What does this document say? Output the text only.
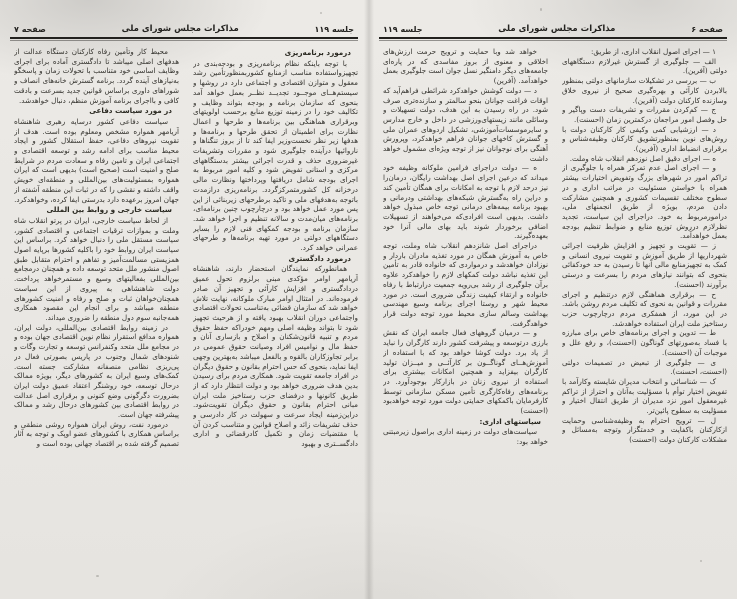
جلسه ۱۱۹
مذاکرات مجلس شورای ملی
صفحه ۷

درمورد برنامه‌ریزی

با توجه باینکه نظام برنامه‌ریزی و بودجه‌بندی در تجهیزواستفاده مناسب ازمنابع کشوربمنظورتأمین رشد معقول و متوازن اقتصادی و اجتماعی دارد در روشها و سیستم‌هــای موجــود تجدیــد نظــر بعمل خواهد آمد بنحوی که سازمان برنامه و بودجه بتواند وظایف و تکالیف خود را در زمینه توزیع منابع برحسب اولویتهای وبرقراری هماهنگی بین برنامه‌ها و طرحها و اعمال نظارت برای اطمینان از تحقق طرحها و برنامه‌ها و هدفها زیر نظر نخست‌وزیر ایفا کند تا از بروز تنگناها و ناروائیها درآینده جلوگیری شود و مقررات وتشریفات غیرضروری حذف و قدرت اجرائی بیشتر بدستگاههای مرکزی و استانی تفویض شود و کلیه امور مربوط به اجرای بودجه شامل دریافتها وپرداختها ونظارت مالی درخزانه کل کشورمتمرکزگردد. برنامه‌ریزی درازمدت باتوجه به‌هدفهای ملی و تاکید برطرحهای زیربنائی از این پس مورد عمل خواهد بود و درچارچوب چنین برنامه‌ای، برنامه‌های میان‌مدت و سالانه تنظیم و اجرا خواهد شد. سازمان برنامه و بودجه کمکهای فنی لازم را بسایر دستگاههای دولتی در مورد تهیه برنامه‌ها و طرحهای عمرانی خواهد کرد.

درمورد دادگستری

همانطورکه نمایندگان استحضار دارند، شاهنشاه آریامهر اوامر مؤکدی مبنی برلزوم تحول عمیق دردادگستری و افزایش کارآئی و تجهیز آن صادر فرموده‌اند. در امتثال اوامر مبارک ملوکانه، نهایت تلاش خواهد شد که سازمان قضائی به‌تناسب تحولات اقتصادی واجتماعی دوران انقلاب بهبود یافته و از هرحیث تجهیز شود تا بتواند وظیفه اصلی ومهم خودراکه حفظ حقوق مردم و تنبیه قانون‌شکنان و اصلاح و بازساری آنان و حفظ مال و نوامیس افراد وصیانت حقوق عمومی در برابر تجاوزکاران بالقوه و بالفعل میباشد به‌بهترین وجهی ایفا نماید، بنحوی که حس احترام بقانون و حقوق دیگران در افراد جامعه تقویت شود. همکاری مردم برای رسیدن بدین هدف ضروری خواهد بود و دولت انتظار دارد که از طریق کانونها و درفضای حزب رستاخیز ملت ایران مبانی احترام بقانون و حقوق دیگران تقویت‌شود. دراین‌زمینه ایجاد سرعت و سهولت در کار دادرسی و حذف تشریفات زائد و اصلاح قوانین و متناسب کردن آن با مقتضیات زمان و تکمیل کادرقضائی و اداری دادگســتری و بهبود

محیط کار وتأمین رفاه کارکنان دستگاه عدالت از هدفهای اصلی میباشد تا دادگستری آماده برای اجرای وظایف اساسی خود متناسب با تحولات زمان و پاسخگو به‌نیازهای آینده گردد. برنامه گسترش خانه‌های انصاف و شوراهای داوری براساس قوانین جدید بسرعت و بادقت کافی و بااجرای برنامه آموزش منظم، دنبال خواهدشد.

در مورد سیاست دفاعی

سیاست دفاعی کشور درسایه رهبری شاهنشاه آریامهر همواره مشخص ومعلوم بوده است. هدف از تقویت نیروهای دفاعی، حفظ استقلال کشور و ایجاد محیط مناسب برای ادامه رشد و توسعه اقتصادی و اجتماعی ایران و تامین رفاه و سعادت مردم در شرایط صلح و امنیت است (صحیح است) بدیهی است که ایران همواره بمسئولیت‌های بین‌المللی و منطقه‌ای خویش واقف داشته و نقشی را که در ثبات این منطقه آشفته از جهان امروز برعهده دارد بدرستی ایفا کرده، وخواهدکرد.

سیاست خارجی و روابط بین المللی

از لحاظ سیاست خارجی، ایران در پرتو انقلاب شاه وملت و بموازات ترقیات اجتماعی و اقتصادی کشور، سیاست مستقل ملی را دنبال خواهد کرد. براساس این سیاست ایران روابط خود را باکلیه کشورها برپایه اصول همزیستی مسالمت‌آمیز و تفاهم و احترام متقابل طبق اصول منشور ملل متحد توسعه داده و همچنان درمجامع بین‌المللی بفعالیتهای وسیع و مستمرخواهد پرداخت. دولت شاهنشاهی به پیروی از این سیاست همچنان‌خواهان ثبات و صلح و رفاه و امنیت کشورهای منطقه میباشد و برای انجام این مقصود همکاری همه‌جانبه سوم دول منطقه را ضروری میداند.

در زمینه روابط اقتصادی بین‌المللی، دولت ایران، همواره مدافع استقرار نظام نوین اقتصادی جهان بوده و در مجامع ملل متحد وکنفرانس توسعه و تجارت وگات و شنودهای شمال وجنوب در پاریس بصورتی فعال در پی‌ریزی نظامی منصفانه مشارکت جسته است. کمک‌های وسیع ایران به کشورهای دیگر، بویژه ممالک درحال توسعه، خود روشنگر اعتقاد عمیق دولت ایران بضرورت دگرگونی وضع کنونی و برقراری اصل عدالت در روابط اقتصادی بین کشورهای درحال رشد و ممالک پیشرفته جهان است.

درمورد نفت، روش ایران همواره روشی منطقی و براساس همکاری با کشورهای عضو اوپک و توجه به آثار تصمیم گرفته شده بر اقتصاد جهانی بوده است و

صفحه ۶
مذاکرات مجلس شورای ملی
جلسه ۱۱۹

۱ — اجرای اصول انقلاب اداری، از طریق:

الف — جلوگیری از گسترش غیرلازم دستگاههای دولتی (آفرین).

ب — بررسی در تشکیلات سازمانهای دولتی بمنظور بالابردن کارآئی و بهره‌گیری صحیح از نیروی خلاق وسازنده کارکنان دولت (آفرین).

ج — کم‌کردن مقررات و تشریفات دست وپاگیر و حل وفصل امور مراجعان درکمترین زمان (احسنت).

د — ارزشیابی کمی وکیفی کار کارکنان دولت با روش‌های نوین بمنظورتشویق کارکنان وظیفه‌شناس و برقراری انضباط اداری (آفرین).

ه — اجرای دقیق اصل نوزدهم انقلاب شاه وملت.

و — اجرای اصل عدم تمرکز همراه با جلوگیری از تراکم امور در شهرهای بزرگ وتفویض اختیارات بیشتر همراه با خواستن مسئولیت در مراتب اداری و در سطوح مختلف تقسیمات کشوری و همچنین مشارکت دادن مردم، بویژه از طریق انجمنهای ملی، درامورمربوط به خود. دراجرای این سیاست، تجدید نظرلازم درروش توزیع منابع و ضوابط تنظیم بودجه بعمل خواهدآمد.

ز — تقویت و تجهیز و افزایش ظرفیت اجرائی شهرداریها از طریق آموزش و تقویت نیروی انسانی و کمک به تجهیزمنابع مالی آنها تا رسیدن به حد خودکفائی بنحوی که بتوانند نیازهای مردم را بسرعت و درستی برآورند (احسنت).

ح — برقراری هماهنگی لازم درتنظیم و اجرای مقررات و قوانین به نحوی که تکلیف مردم روشن باشد. در این مورد، از همفکری مردم درچارچوب حزب رستاخیز ملت ایران استفاده خواهدشد.

ط — تدوین و اجرای برنامه‌های خاص برای مبارزه با فساد به‌صورتهای گوناگون (احسنت)، و رفع علل و موجبات آن (احسنت).

ی — جلوگیری از تبعیض در تصمیمات دولتی (احسنت، احسنت).

ک — شناسائی و انتخاب مدیران شایسته وکارآمد با تفویض اختیار توأم با مسؤلیت به‌آنان و احتراز از تراکم غیرمعقول امور نزد مدیران از طریق انتقال اختیار و مسؤلیت به سطوح پائین‌تر.

ل — ترویج احترام به وظیفه‌شناسی وحمایت ازکارکنان باکفایت و خدمتگزار وتوجه به‌مسائل و مشکلات کارکنان دولت (احسنت)

خواهد شد وبا حمایت و ترویج حرمت ارزش‌های اخلاقی و معنوی از بروز مفاسدی که در پاره‌ای جامعه‌های دیگر دامنگیر نسل جوان است جلوگیری بعمل خواهدآمد. (آفرین)

د — دولت کوشش خواهدکرد شرائطی فراهم‌آید که اوقات فراغت جوانان بنحو سالمتر و سازنده‌تری صرف شود. در راه رسیدن به این هدف، دولت تسهیلات و وسائلی مانند زیستهای‌ورزشی در داخل و خارج مدارس و سایرموسسات‌آموزشی، تشکیل اردوهای عمران ملی و گسترش کاخهای جوانان فراهم خواهدکرد، وپرورش آهنگی برای نوجوانان نیز از توجه ویژه‌ای مشمول خواهد داشت

ه — دولت دراجرای فرامین ملوکانه وظیفه خود میداند که درعین اجرای اصل بهداشت رایگان، درمان‌را نیز درحد لازم با توجه به امکانات برای همگان تأمین کند و دراین راه به‌گسترش شبکه‌های بهداشتی ودرمانی و بهبود برنامه بیمه‌های درمانی توجه خاص مبذول خواهد داشت. بدیهی است افرادی‌که می‌خواهند از تسهیلات اضافی برخوردار شوند باید بهای مالی آنرا خود بعهده‌گیرند.

دراجرای اصل شانزدهم انقلاب شاه وملت، توجه خاص به آموزش همگان در مورد تغذیه مادران باردار و نوزادان خواهدشد و درمواردی که خانواده قادر به تأمین این تغذیه نباشد دولت کمکهای لازم را خواهدکرد علاوه برآن جلوگیری از رشد بی‌رویه جمعیت درارتباط با رفاه خانواده و ارتقاء کیفیت زندگی ضروری است. در مورد محیط شهر و روستا اجرای برنامه وسیع مهندسی بهداشت وسالم سازی محیط مورد توجه دولت قرار خواهدگرفت.

و — درمیان گروههای فعال جامعه ایران که نقش بارزی درتوسعه و پیشرفت کشور دارند کارگران را نباید از یاد برد. دولت کوشا خواهد بود که با استفاده از آموزش‌هــای گوناگــون بر کارآئــی و میــزان تولید کارگران بیفزاید و همچنین امکانات بیشتری برای استفاده از نیروی زنان در بازارکار بوجودآورد. در برنامه‌های رفاه‌کارگری تأمین مسکن سازمانی توسط کارفرمایان باکمکهای حمایتی دولت مورد توجه خواهدبود (احسنت)

سیاستهای اداری:

سیاست‌های دولت در زمینه اداری براصول زیرمبتنی خواهد بود:
